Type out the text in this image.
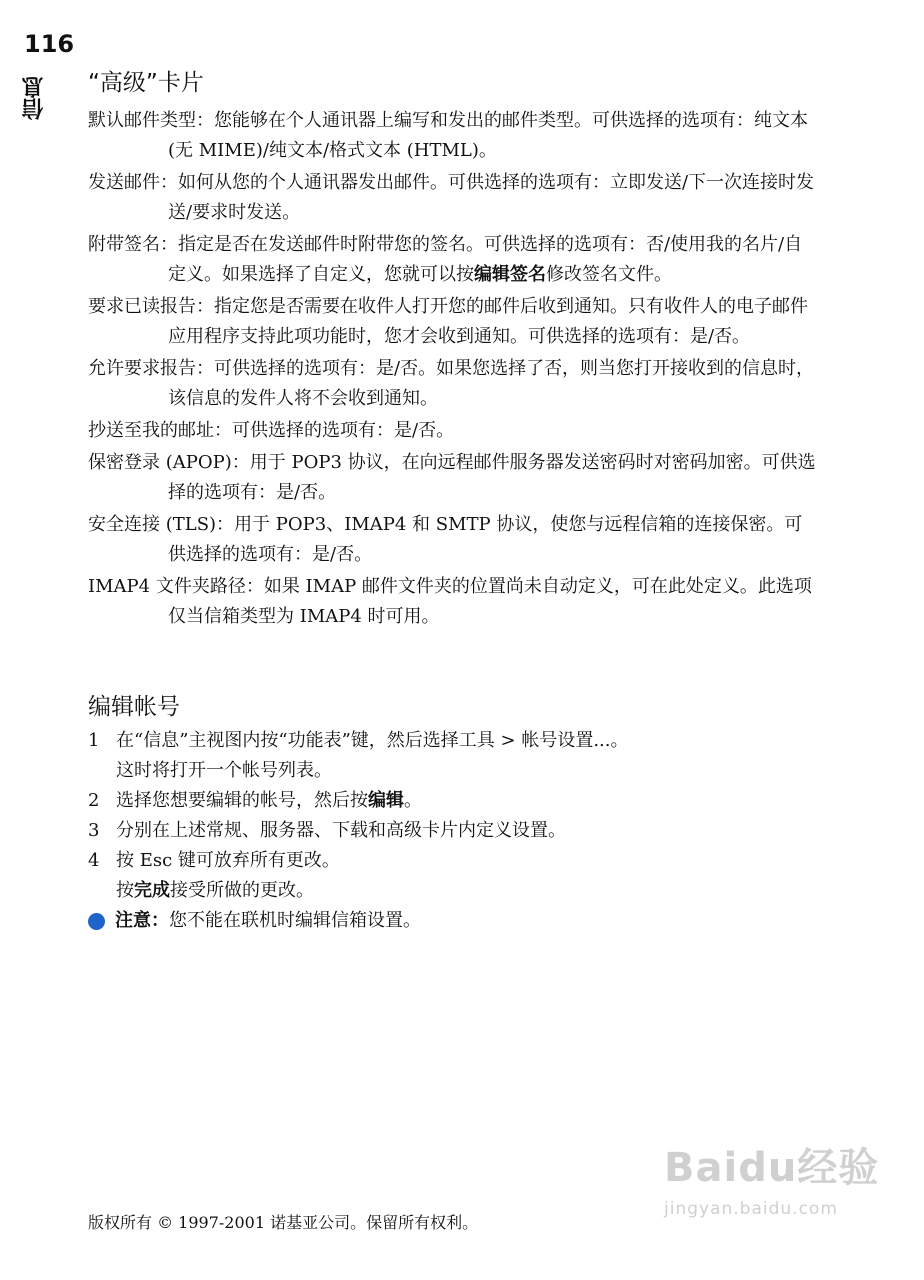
116
信息 “高级”卡片
默认邮件类型：您能够在个人通讯器上编写和发出的邮件类型。可供选择的选项有：纯文本 (无 MIME)/纯文本/格式文本 (HTML)。
发送邮件：如何从您的个人通讯器发出邮件。可供选择的选项有：立即发送/下一次连接时发送/要求时发送。
附带签名：指定是否在发送邮件时附带您的签名。可供选择的选项有：否/使用我的名片/自定义。如果选择了自定义，您就可以按编辑签名修改签名文件。
要求已读报告：指定您是否需要在收件人打开您的邮件后收到通知。只有收件人的电子邮件应用程序支持此项功能时，您才会收到通知。可供选择的选项有：是/否。
允许要求报告：可供选择的选项有：是/否。如果您选择了否，则当您打开接收到的信息时，该信息的发件人将不会收到通知。
抄送至我的邮址：可供选择的选项有：是/否。
保密登录 (APOP)：用于 POP3 协议，在向远程邮件服务器发送密码时对密码加密。可供选择的选项有：是/否。
安全连接 (TLS)：用于 POP3、IMAP4 和 SMTP 协议，使您与远程信箱的连接保密。可供选择的选项有：是/否。
IMAP4 文件夹路径：如果 IMAP 邮件文件夹的位置尚未自动定义，可在此处定义。此选项仅当信箱类型为 IMAP4 时可用。
编辑帐号
1 在“信息”主视图内按“功能表”键，然后选择工具 > 帐号设置...。
这时将打开一个帐号列表。
2 选择您想要编辑的帐号，然后按编辑。
3 分别在上述常规、服务器、下载和高级卡片内定义设置。
4 按 Esc 键可放弃所有更改。
按完成接受所做的更改。
注意： 您不能在联机时编辑信箱设置。
版权所有 © 1997-2001 诺基亚公司。保留所有权利。
Baidu经验
jingyan.baidu.com
